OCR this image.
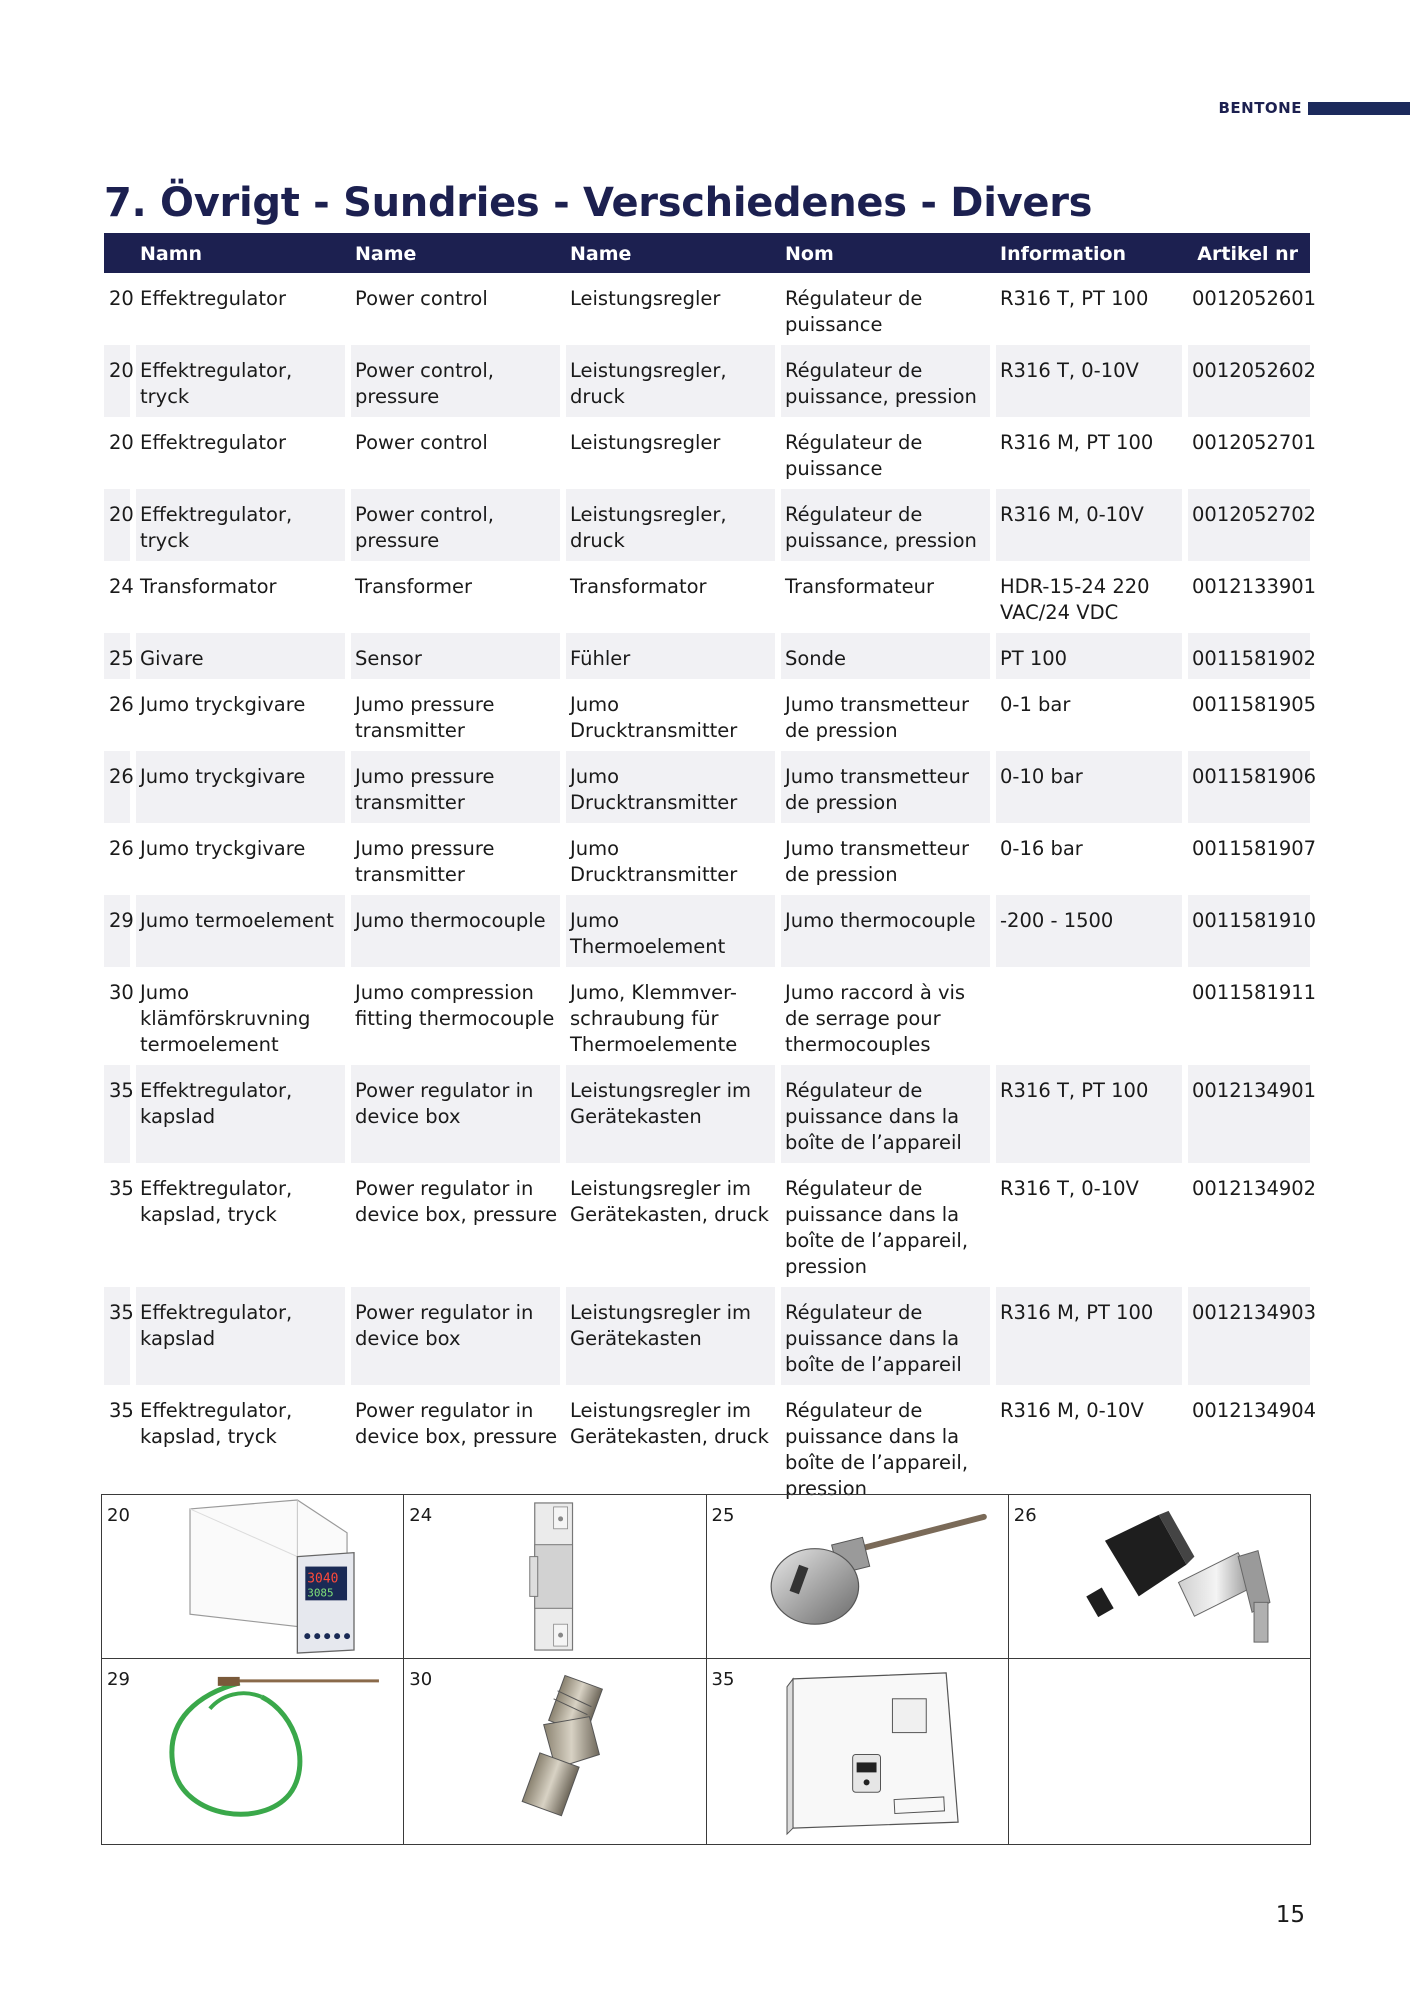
BENTONE
7. Övrigt - Sundries - Verschiedenes - Divers
	Namn	Name	Name	Nom	Information	Artikel nr
20	Effektregulator	Power control	Leistungsregler	Régulateur de puissance	R316 T, PT 100	0012052601
20	Effektregulator, tryck	Power control, pressure	Leistungsregler, druck	Régulateur de puissance, pression	R316 T, 0-10V	0012052602
20	Effektregulator	Power control	Leistungsregler	Régulateur de puissance	R316 M, PT 100	0012052701
20	Effektregulator, tryck	Power control, pressure	Leistungsregler, druck	Régulateur de puissance, pression	R316 M, 0-10V	0012052702
24	Transformator	Transformer	Transformator	Transformateur	HDR-15-24 220 VAC/24 VDC	0012133901
25	Givare	Sensor	Fühler	Sonde	PT 100	0011581902
26	Jumo tryckgivare	Jumo pressure transmitter	Jumo Drucktransmitter	Jumo transmetteur de pression	0-1 bar	0011581905
26	Jumo tryckgivare	Jumo pressure transmitter	Jumo Drucktransmitter	Jumo transmetteur de pression	0-10 bar	0011581906
26	Jumo tryckgivare	Jumo pressure transmitter	Jumo Drucktransmitter	Jumo transmetteur de pression	0-16 bar	0011581907
29	Jumo termoelement	Jumo thermocouple	Jumo Thermoelement	Jumo thermocouple	-200 - 1500	0011581910
30	Jumo klämförskruvning termoelement	Jumo compression fitting thermocouple	Jumo, Klemmver-schraubung für Thermoelemente	Jumo raccord à vis de serrage pour thermocouples		0011581911
35	Effektregulator, kapslad	Power regulator in device box	Leistungsregler im Gerätekasten	Régulateur de puissance dans la boîte de l’appareil	R316 T, PT 100	0012134901
35	Effektregulator, kapslad, tryck	Power regulator in device box, pressure	Leistungsregler im Gerätekasten, druck	Régulateur de puissance dans la boîte de l’appareil, pression	R316 T, 0-10V	0012134902
35	Effektregulator, kapslad	Power regulator in device box	Leistungsregler im Gerätekasten	Régulateur de puissance dans la boîte de l’appareil	R316 M, PT 100	0012134903
35	Effektregulator, kapslad, tryck	Power regulator in device box, pressure	Leistungsregler im Gerätekasten, druck	Régulateur de puissance dans la boîte de l’appareil, pression	R316 M, 0-10V	0012134904
20
3040
3085	24	25	26

29	30	35	

15
